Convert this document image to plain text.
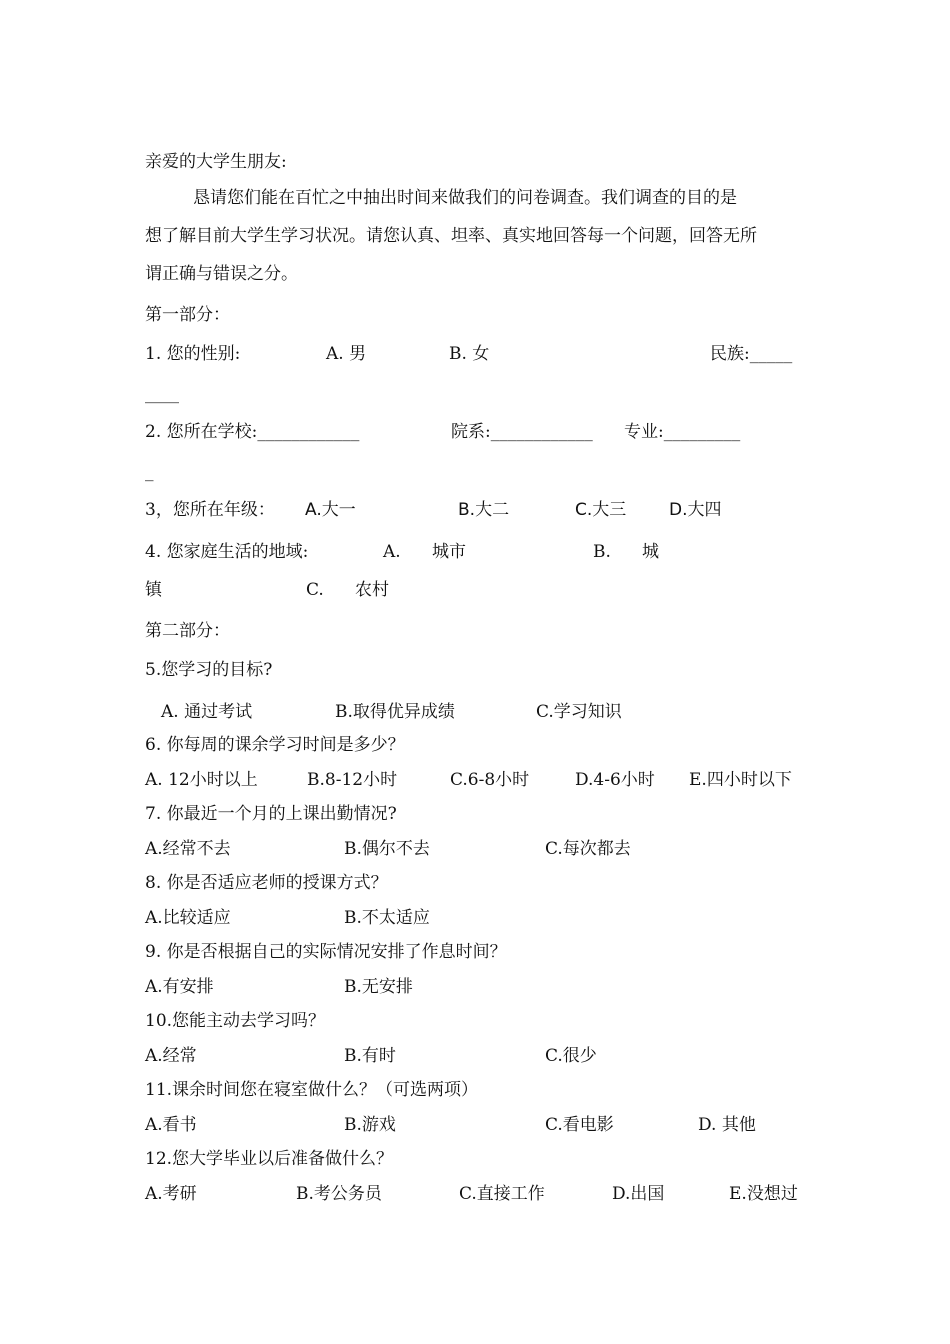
亲爱的大学生朋友:
恳请您们能在百忙之中抽出时间来做我们的问卷调查。我们调查的目的是
想了解目前大学生学习状况。请您认真、坦率、真实地回答每一个问题，回答无所
谓正确与错误之分。
第一部分：
1. 您的性别:	A. 男	B. 女	民族:_____
____
2. 您所在学校:____________	院系:____________ 专业:_________
_
3，您所在年级： A.大一	B.大二	C.大三	D.大四
4. 您家庭生活的地域:	A. 城市	B. 城
镇	C. 农村
第二部分：
5.您学习的目标?
A. 通过考试	B.取得优异成绩	C.学习知识
6. 你每周的课余学习时间是多少？
A. 12小时以上	B.8-12小时	C.6-8小时	D.4-6小时 E.四小时以下
7. 你最近一个月的上课出勤情况?
A.经常不去	B.偶尔不去	C.每次都去
8. 你是否适应老师的授课方式？
A.比较适应	B.不太适应
9. 你是否根据自己的实际情况安排了作息时间？
A.有安排	B.无安排
10.您能主动去学习吗？
A.经常	B.有时	C.很少
11.课余时间您在寝室做什么？（可选两项）
A.看书	B.游戏	C.看电影	D. 其他
12.您大学毕业以后准备做什么？
A.考研	B.考公务员	C.直接工作	D.出国	E.没想过
